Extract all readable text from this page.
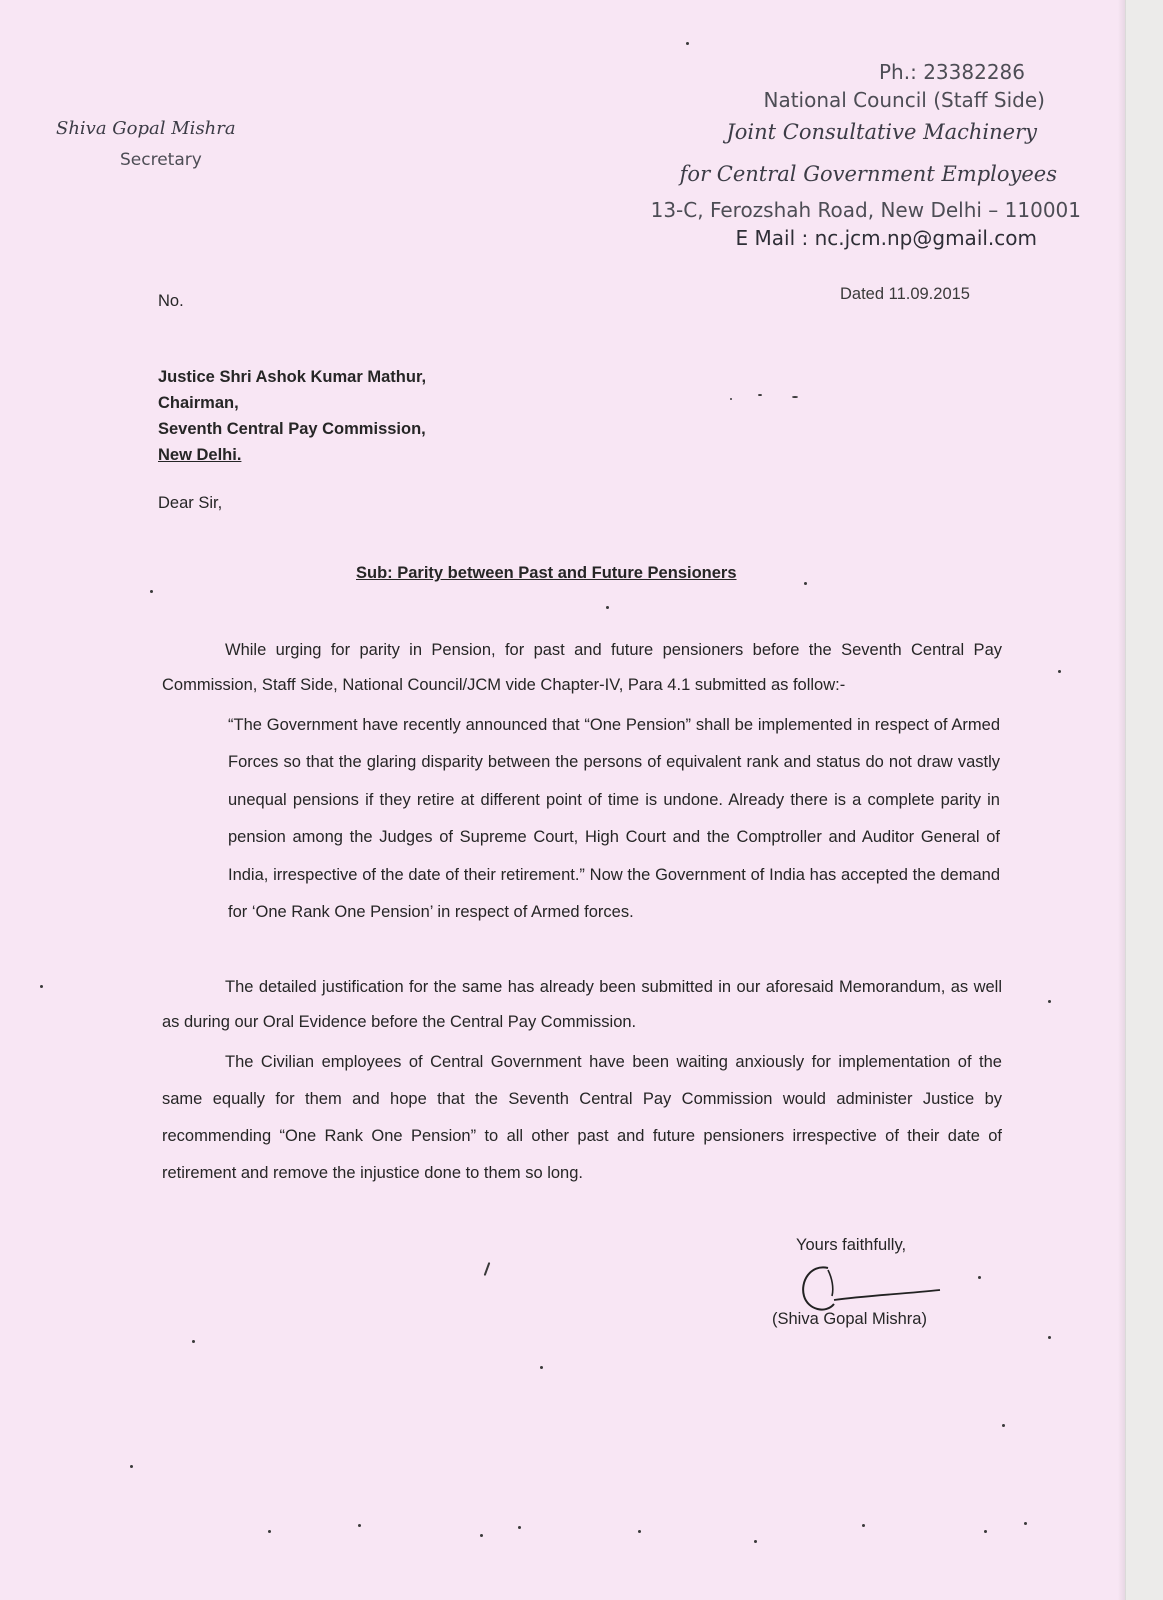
Ph.: 23382286
National Council (Staff Side)
Joint Consultative Machinery
for Central Government Employees
13-C, Ferozshah Road, New Delhi – 110001
E Mail : nc.jcm.np@gmail.com
Shiva Gopal Mishra
Secretary
No.	Dated 11.09.2015
Justice Shri Ashok Kumar Mathur,
Chairman,
Seventh Central Pay Commission,
New Delhi.
Dear Sir,
Sub: Parity between Past and Future Pensioners

While urging for parity in Pension, for past and future pensioners before the Seventh Central Pay Commission, Staff Side, National Council/JCM vide Chapter-IV, Para 4.1 submitted as follow:-

“The Government have recently announced that “One Pension” shall be implemented in respect of Armed Forces so that the glaring disparity between the persons of equivalent rank and status do not draw vastly unequal pensions if they retire at different point of time is undone. Already there is a complete parity in pension among the Judges of Supreme Court, High Court and the Comptroller and Auditor General of India, irrespective of the date of their retirement.” Now the Government of India has accepted the demand for ‘One Rank One Pension’ in respect of Armed forces.

The detailed justification for the same has already been submitted in our aforesaid Memorandum, as well as during our Oral Evidence before the Central Pay Commission.

The Civilian employees of Central Government have been waiting anxiously for implementation of the same equally for them and hope that the Seventh Central Pay Commission would administer Justice by recommending “One Rank One Pension” to all other past and future pensioners irrespective of their date of retirement and remove the injustice done to them so long.

Yours faithfully,
(Shiva Gopal Mishra)
